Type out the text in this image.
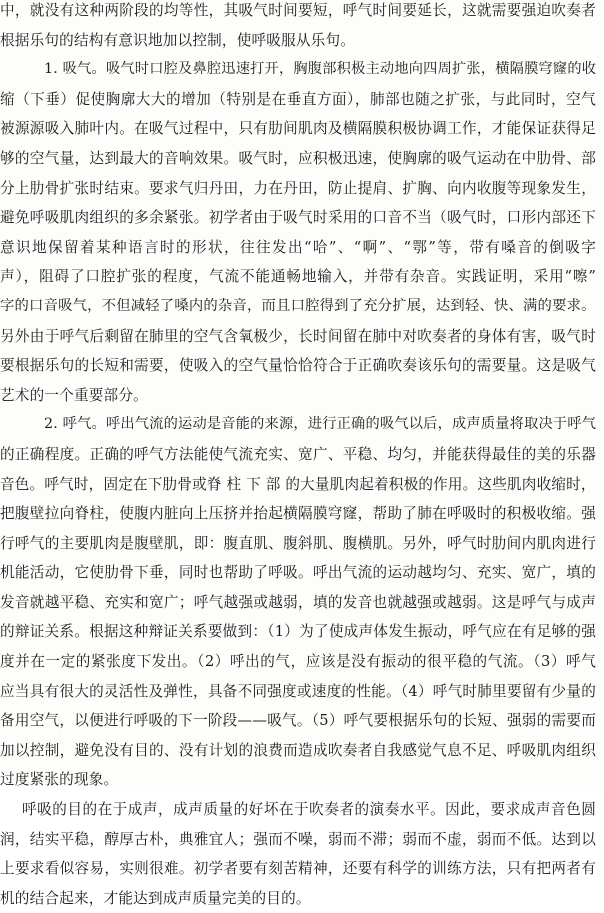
中，就没有这种两阶段的均等性，其吸气时间要短，呼气时间要延长，这就需要强迫吹奏者
根据乐句的结构有意识地加以控制，使呼吸服从乐句。
1. 吸气。吸气时口腔及鼻腔迅速打开，胸腹部积极主动地向四周扩张，横隔膜穹窿的收
缩（下垂）促使胸廓大大的增加（特别是在垂直方面），肺部也随之扩张，与此同时，空气
被源源吸入肺叶内。在吸气过程中，只有肋间肌肉及横隔膜积极协调工作，才能保证获得足
够的空气量，达到最大的音响效果。吸气时，应积极迅速，使胸廓的吸气运动在中肋骨、部
分上肋骨扩张时结束。要求气归丹田，力在丹田，防止提肩、扩胸、向内收腹等现象发生，
避免呼吸肌肉组织的多余紧张。初学者由于吸气时采用的口音不当（吸气时，口形内部还下
意识地保留着某种语言时的形状，往往发出“哈”、“啊”、“鄂”等，带有嗓音的倒吸字
声），阻碍了口腔扩张的程度，气流不能通畅地输入，并带有杂音。实践证明，采用“嚓”
字的口音吸气，不但减轻了嗓内的杂音，而且口腔得到了充分扩展，达到轻、快、满的要求。
另外由于呼气后剩留在肺里的空气含氧极少，长时间留在肺中对吹奏者的身体有害，吸气时
要根据乐句的长短和需要，使吸入的空气量恰恰符合于正确吹奏该乐句的需要量。这是吸气
艺术的一个重要部分。
2. 呼气。呼出气流的运动是音能的来源，进行正确的吸气以后，成声质量将取决于呼气
的正确程度。正确的呼气方法能使气流充实、宽广、平稳、均匀，并能获得最佳的美的乐器
音色。呼气时，固定在下肋骨或脊 柱 下 部 的大量肌肉起着积极的作用。这些肌肉收缩时，
把腹壁拉向脊柱，使腹内脏向上压挤并抬起横隔膜穹窿，帮助了肺在呼吸时的积极收缩。强
行呼气的主要肌肉是腹壁肌，即：腹直肌、腹斜肌、腹横肌。另外，呼气时肋间内肌肉进行
机能活动，它使肋骨下垂，同时也帮助了呼吸。呼出气流的运动越均匀、充实、宽广，填的
发音就越平稳、充实和宽广；呼气越强或越弱，填的发音也就越强或越弱。这是呼气与成声
的辩证关系。根据这种辩证关系要做到：（1）为了使成声体发生振动，呼气应在有足够的强
度并在一定的紧张度下发出。（2）呼出的气，应该是没有振动的很平稳的气流。（3）呼气
应当具有很大的灵活性及弹性，具备不同强度或速度的性能。（4）呼气时肺里要留有少量的
备用空气，以便进行呼吸的下一阶段——吸气。（5）呼气要根据乐句的长短、强弱的需要而
加以控制，避免没有目的、没有计划的浪费而造成吹奏者自我感觉气息不足、呼吸肌肉组织
过度紧张的现象。
呼吸的目的在于成声，成声质量的好坏在于吹奏者的演奏水平。因此，要求成声音色圆
润，结实平稳，醇厚古朴，典雅宜人；强而不噪，弱而不滞；弱而不虚，弱而不低。达到以
上要求看似容易，实则很难。初学者要有刻苦精神，还要有科学的训练方法，只有把两者有
机的结合起来，才能达到成声质量完美的目的。
